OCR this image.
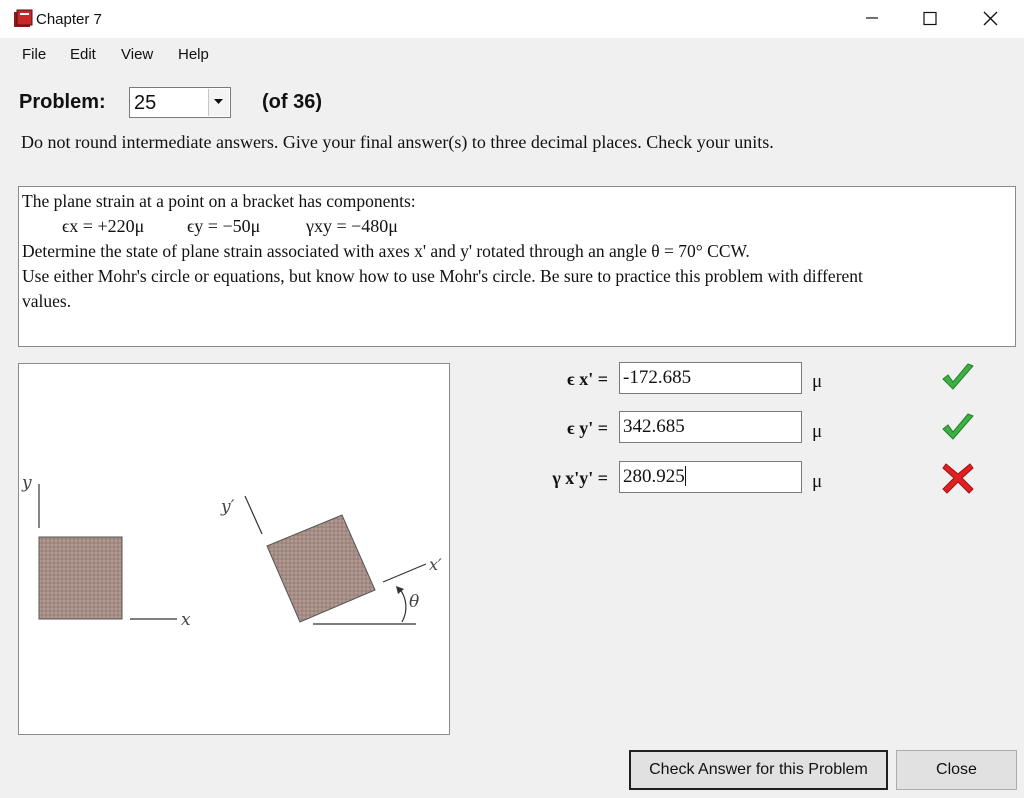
Chapter 7
File Edit View Help
Problem: 25	(of 36)
Do not round intermediate answers. Give your final answer(s) to three decimal places. Check your units.
The plane strain at a point on a bracket has components:
ϵx = +220μ ϵy = −50μ	γxy = −480μ
Determine the state of plane strain associated with axes x' and y' rotated through an angle θ = 70° CCW.
Use either Mohr's circle or equations, but know how to use Mohr's circle. Be sure to practice this problem with different
values.
y
x
y′
x′
θ
ϵ x' = -172.685	μ
ϵ y' = 342.685	μ
γ x'y' = 280.925	μ
Check Answer for this Problem	Close
